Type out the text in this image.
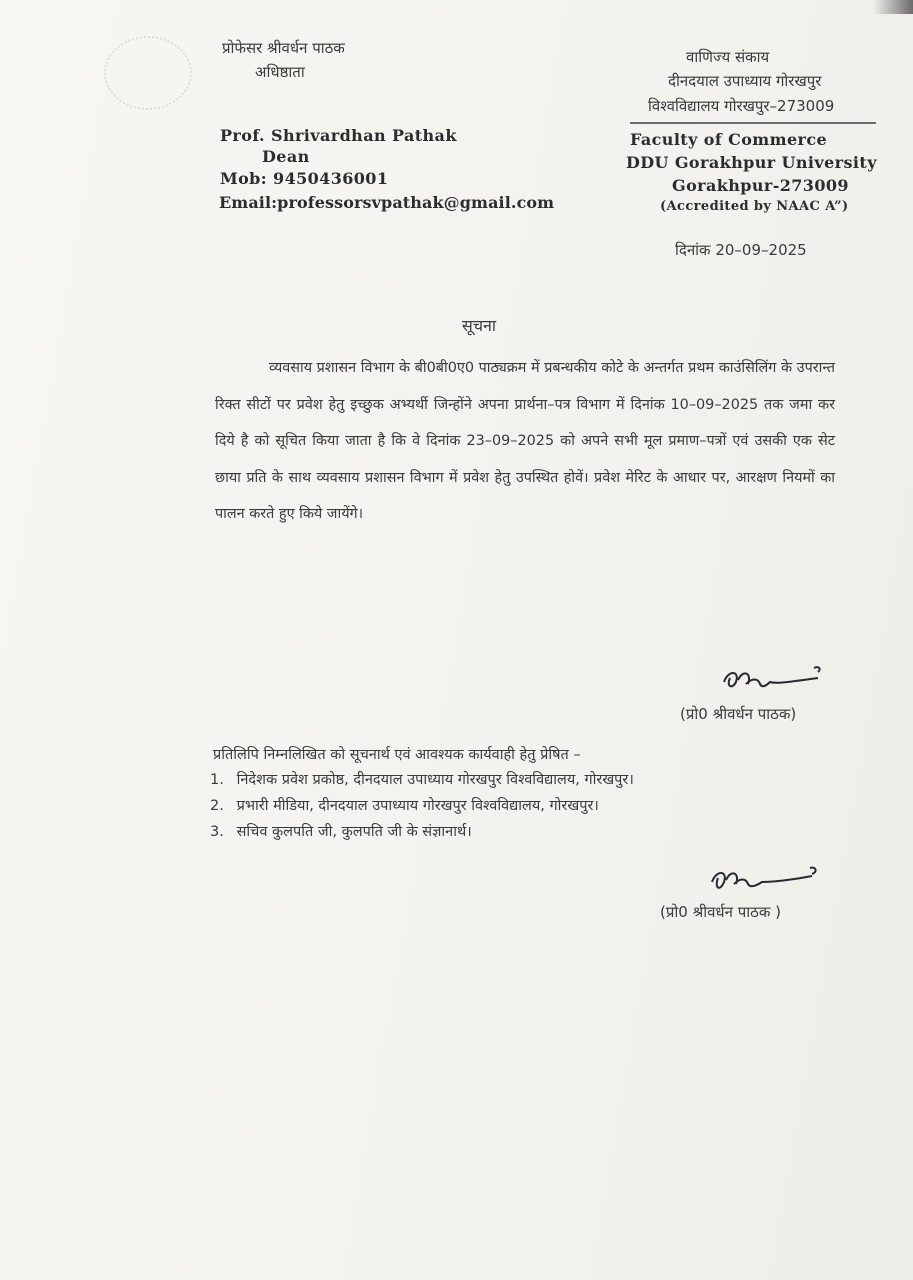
प्रोफेसर श्रीवर्धन पाठक
अधिष्ठाता
वाणिज्य संकाय
दीनदयाल उपाध्याय गोरखपुर
विश्वविद्यालय गोरखपुर–273009
Prof. Shrivardhan Pathak
Dean
Mob: 9450436001
Email:professorsvpathak@gmail.com
Faculty of Commerce
DDU Gorakhpur University
Gorakhpur-273009
(Accredited by NAAC A”)
दिनांक 20–09–2025
सूचना
व्यवसाय प्रशासन विभाग के बी0बी0ए0 पाठ्यक्रम में प्रबन्धकीय कोटे के अन्तर्गत प्रथम काउंसिलिंग के उपरान्त रिक्त सीटों पर प्रवेश हेतु इच्छुक अभ्यर्थी जिन्होंने अपना प्रार्थना–पत्र विभाग में दिनांक 10–09–2025 तक जमा कर दिये है को सूचित किया जाता है कि वे दिनांक 23–09–2025 को अपने सभी मूल प्रमाण–पत्रों एवं उसकी एक सेट छाया प्रति के साथ व्यवसाय प्रशासन विभाग में प्रवेश हेतु उपस्थित होवें। प्रवेश मेरिट के आधार पर, आरक्षण नियमों का पालन करते हुए किये जायेंगे।
(प्रो0 श्रीवर्धन पाठक)
प्रतिलिपि निम्नलिखित को सूचनार्थ एवं आवश्यक कार्यवाही हेतु प्रेषित –
1. निदेशक प्रवेश प्रकोष्ठ, दीनदयाल उपाध्याय गोरखपुर विश्वविद्यालय, गोरखपुर।
2. प्रभारी मीडिया, दीनदयाल उपाध्याय गोरखपुर विश्वविद्यालय, गोरखपुर।
3. सचिव कुलपति जी, कुलपति जी के संज्ञानार्थ।
(प्रो0 श्रीवर्धन पाठक )
